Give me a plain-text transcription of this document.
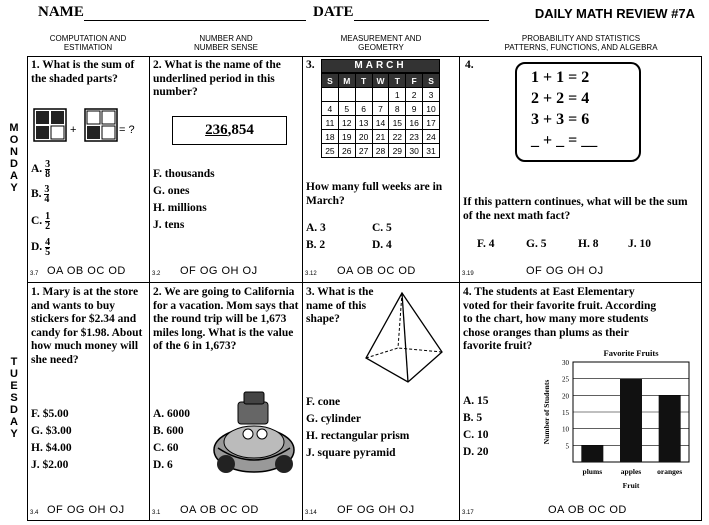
NAME	DATE	DAILY MATH REVIEW #7A
COMPUTATION AND
ESTIMATION
NUMBER AND
NUMBER SENSE
MEASUREMENT AND
GEOMETRY
PROBABILITY AND STATISTICS
PATTERNS, FUNCTIONS, AND ALGEBRA
M
O
N
D
A
Y
T
U
E
S
D
A
Y
1. What is the sum of the shaded parts?
+	= ?
A. $\frac{3}{8}$
B. $\frac{3}{4}$
C. $\frac{1}{2}$
D. $\frac{4}{5}$
3.7 OA OB OC OD
2. What is the name of the underlined period in this number?
236,854
F. thousands
G. ones
H. millions
J. tens
3.2 OF OG OH OJ
3.	MARCH
S	M	T	W	T	F	S
				1	2	3
4	5	6	7	8	9	10
11	12	13	14	15	16	17
18	19	20	21	22	23	24
25	26	27	28	29	30	31
How many full weeks are in March?
A. 3	C. 5
B. 2	D. 4
3.12 OA OB OC OD
4.
1 + 1 = 2
2 + 2 = 4
3 + 3 = 6
_ + _ = __
If this pattern continues, what will be the sum of the next math fact?
F. 4	G. 5	H. 8	J. 10
3.19	OF OG OH OJ
1. Mary is at the store and wants to buy stickers for $2.34 and candy for $1.98. About how much money will she need?
F. $5.00
G. $3.00
H. $4.00
J. $2.00
3.4 OF OG OH OJ
2. We are going to California for a vacation. Mom says that the round trip will be 1,673 miles long. What is the value of the 6 in 1,673?
A. 6000
B. 600
C. 60
D. 6
3.1 OA OB OC OD
3. What is the name of this shape?
F. cone
G. cylinder
H. rectangular prism
J. square pyramid
3.14 OF OG OH OJ
4. The students at East Elementary voted for their favorite fruit. According to the chart, how many more students chose oranges than plums as their favorite fruit?
A. 15
B. 5
C. 10
D. 20
Favorite Fruits
5
10
15
20
25
30
plums apples oranges
Fruit
Number of Students
3.17	OA OB OC OD
